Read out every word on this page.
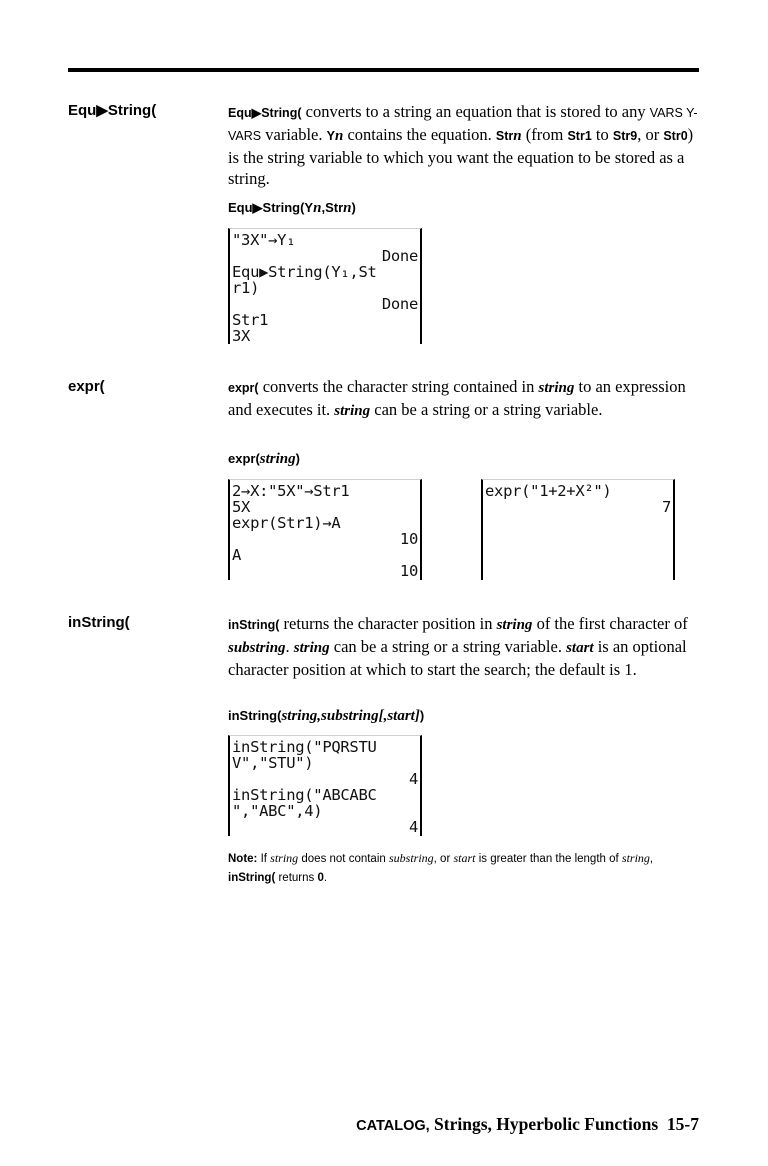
Equ▶String(	Equ▶String( converts to a string an equation that is stored to any VARS Y-VARS variable. Yn contains the equation. Strn (from Str1 to Str9, or Str0) is the string variable to which you want the equation to be stored as a string.

Equ▶String(Yn,Strn)
"3X"→Y₁
Done
Equ▶String(Y₁,St
r1)
Done
Str1
3X
expr(	expr( converts the character string contained in string to an expression and executes it. string can be a string or a string variable.

expr(string)
2→X:"5X"→Str1
5X
expr(Str1)→A
10
A
10
expr("1+2+X²")
7
inString(	inString( returns the character position in string of the first character of substring. string can be a string or a string variable. start is an optional character position at which to start the search; the default is 1.

inString(string,substring[,start])
inString("PQRSTU
V","STU")
4
inString("ABCABC
","ABC",4)
4
Note: If string does not contain substring, or start is greater than the length of string, inString( returns 0.
CATALOG, Strings, Hyperbolic Functions 15-7
